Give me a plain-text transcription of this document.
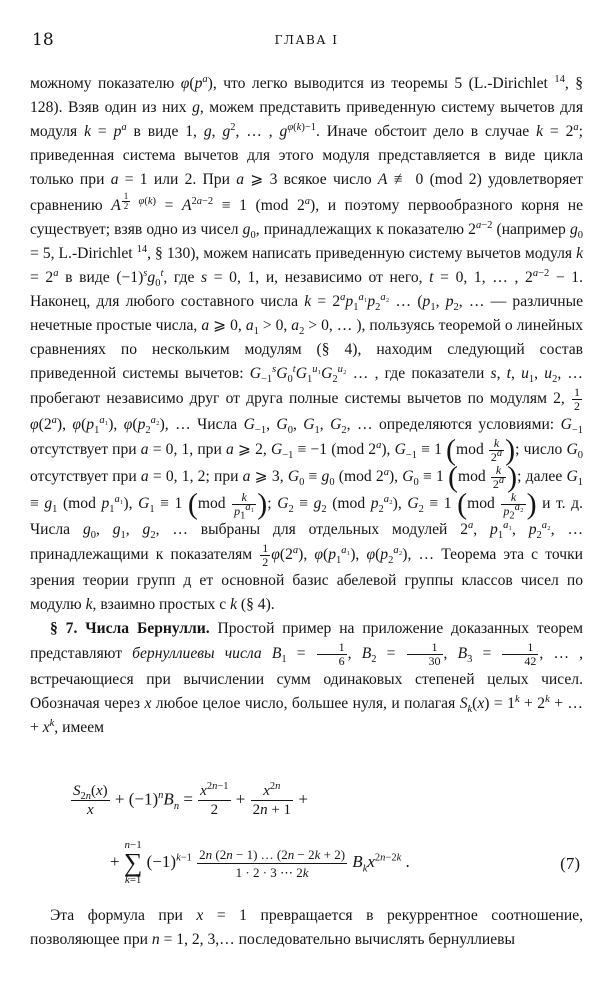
18	ГЛАВА I

можному показателю $\varphi(p^a)$, что легко выводится из теоремы 5 (L.-Dirichlet $^{14}$, § 128). Взяв один из них g, можем представить приведенную систему вычетов для модуля $k = p^a$ в виде 1, g, $g^2$, … , $g^{\varphi(k)-1}$. Иначе обстоит дело в случае $k = 2^a$; приведенная система вычетов для этого модуля представляется в виде цикла только при a = 1 или 2. При a ⩾ 3 всякое число A ≢ 0 (mod 2) удовлетворяет сравнению A $^{\frac{1}{2} \varphi(k)} = A^{2a-2} \equiv 1$ (mod 2$^a$), и поэтому первообразного корня не существует; взяв одно из чисел $g_0$, принадлежащих к показателю $2^{a-2}$ (например $g_0 = 5$, L.-Dirichlet $^{14}$, § 130), можем написать приведенную систему вычетов модуля $k = 2^a$ в виде $(-1)^sg_0^t$, где s = 0, 1, и, независимо от него, t = 0, 1, … , $2^{a-2} - 1$. Наконец, для любого составного числа $k = 2^ap_1^{a_1}p_2^{a_2}$ … ($p_1$, $p_2$, … — различные нечетные простые числа, a ⩾ 0, $a_1 > 0$, $a_2 > 0$, … ), пользуясь теоремой о линейных сравнениях по нескольким модулям (§ 4), находим следующий состав приведенной системы вычетов: $G_{-1}^sG_0^tG_1^{u_1}G_2^{u_2}$ … , где показатели s, t, $u_1$, $u_2$, … пробегают независимо друг от друга полные системы вычетов по модулям 2, $\frac{1}{2}$
φ(2$^a$), $\varphi(p_1^{a_1})$, $\varphi(p_2^{a_2})$, … Числа $G_{-1}$, $G_0$, $G_1$, $G_2$, … определяются условиями: $G_{-1}$ отсутствует при a = 0, 1, при a ⩾ 2, $G_{-1} \equiv -1$ (mod 2$^a$), $G_{-1} \equiv 1$ ($mod \frac{k}{2^a}$ ); число $G_0$ отсутствует при a = 0, 1, 2; при a ⩾ 3, $G_0 \equiv g_0$ (mod 2$^a$), $G_0 \equiv 1$ ($mod \frac{k}{2^a}$ ); далее $G_1 \equiv g_1$ (mod $p_1^{a_1}$), $G_1 \equiv 1$ ($mod \frac{k}{p_1^{a_1}}$ ); $G_2 \equiv g_2$ (mod $p_2^{a_2}$), $G_2 \equiv 1$ ($mod \frac{k}{p_2^{a_2}}$ ) и т. д. Числа $g_0$, $g_1$, $g_2$, … выбраны для отдельных модулей 2$^a$, $p_1^{a_1}$, $p_2^{a_2}$, … принадлежащими к показателям $\frac{1}{2} \varphi(2^a)$, $\varphi(p_1^{a_1})$, $\varphi(p_2^{a_2})$, … Теорема эта с точки зрения теории групп д ет основной базис абелевой группы классов чисел по модулю k, взаимно простых с k (§ 4).

§ 7. Числа Бернулли. Простой пример на приложение доказанных теорем представляют бернуллиевы числа $B_1 = \frac{1}{6}$ , $B_2 = \frac{1}{30}$ , $B_3 = \frac{1}{42}$ , … , встречающиеся при вычислении сумм одинаковых степеней целых чисел. Обозначая через x любое целое число, большее нуля, и полагая $S_k(x) = 1^k + 2^k$ + … + $x^k$, имеем

$\frac{S_{2n}(x)}{x} + (-1)^nB_n = \frac{x^{2n-1}}{2} + \frac{x^{2n}}{2n + 1}$ +
+
n−1
∑
k=1
$(-1)^{k-1} \frac{2n (2n - 1) \dots (2n - 2k + 2)}{1 \cdot 2 \cdot 3 \cdots 2k} B_kx^{2n-2k}$ .	(7)

Эта формула при x = 1 превращается в рекуррентное соотношение, позволяющее при n = 1, 2, 3,… последовательно вычислять бернуллиевы
